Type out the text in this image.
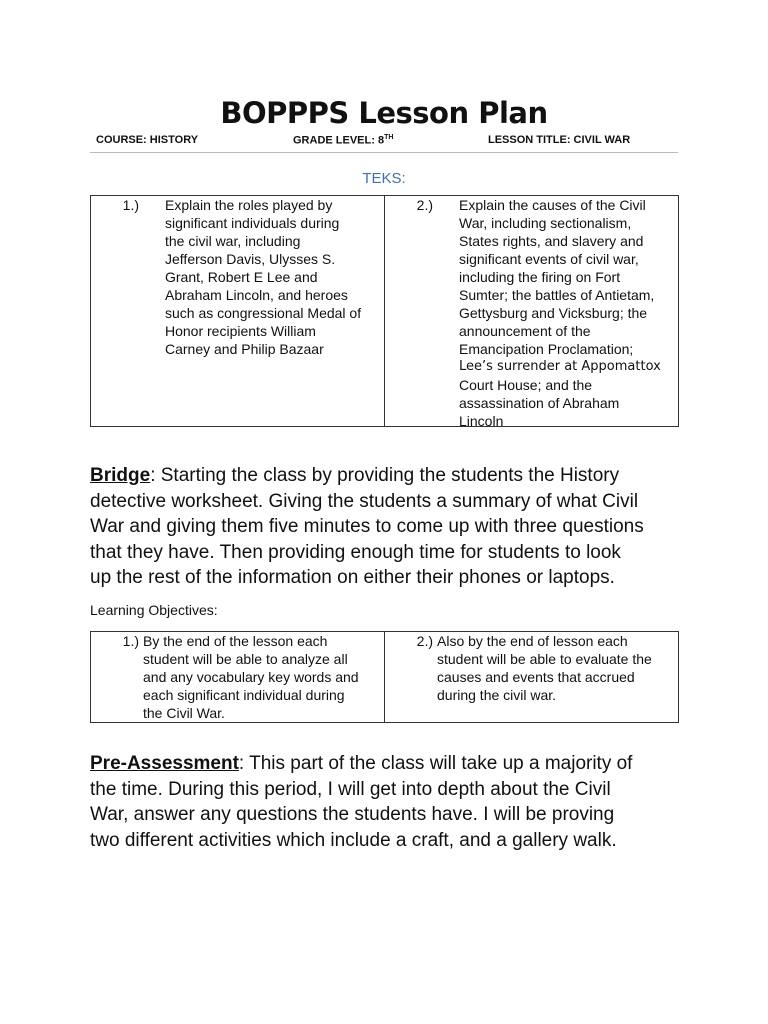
BOPPPS Lesson Plan
COURSE: HISTORY	GRADE LEVEL: 8TH	LESSON TITLE: CIVIL WAR
TEKS:
1.)	Explain the roles played by
significant individuals during
the civil war, including
Jefferson Davis, Ulysses S.
Grant, Robert E Lee and
Abraham Lincoln, and heroes
such as congressional Medal of
Honor recipients William
Carney and Philip Bazaar

2.)	Explain the causes of the Civil
War, including sectionalism,
States rights, and slavery and
significant events of civil war,
including the firing on Fort
Sumter; the battles of Antietam,
Gettysburg and Vicksburg; the
announcement of the
Emancipation Proclamation;
Lee’s surrender at Appomattox
Court House; and the
assassination of Abraham
Lincoln
Bridge: Starting the class by providing the students the History
detective worksheet. Giving the students a summary of what Civil
War and giving them five minutes to come up with three questions
that they have. Then providing enough time for students to look
up the rest of the information on either their phones or laptops.
Learning Objectives:
1.) By the end of the lesson each
student will be able to analyze all
and any vocabulary key words and
each significant individual during
the Civil War.

2.) Also by the end of lesson each
student will be able to evaluate the
causes and events that accrued
during the civil war.
Pre-Assessment: This part of the class will take up a majority of
the time. During this period, I will get into depth about the Civil
War, answer any questions the students have. I will be proving
two different activities which include a craft, and a gallery walk.
